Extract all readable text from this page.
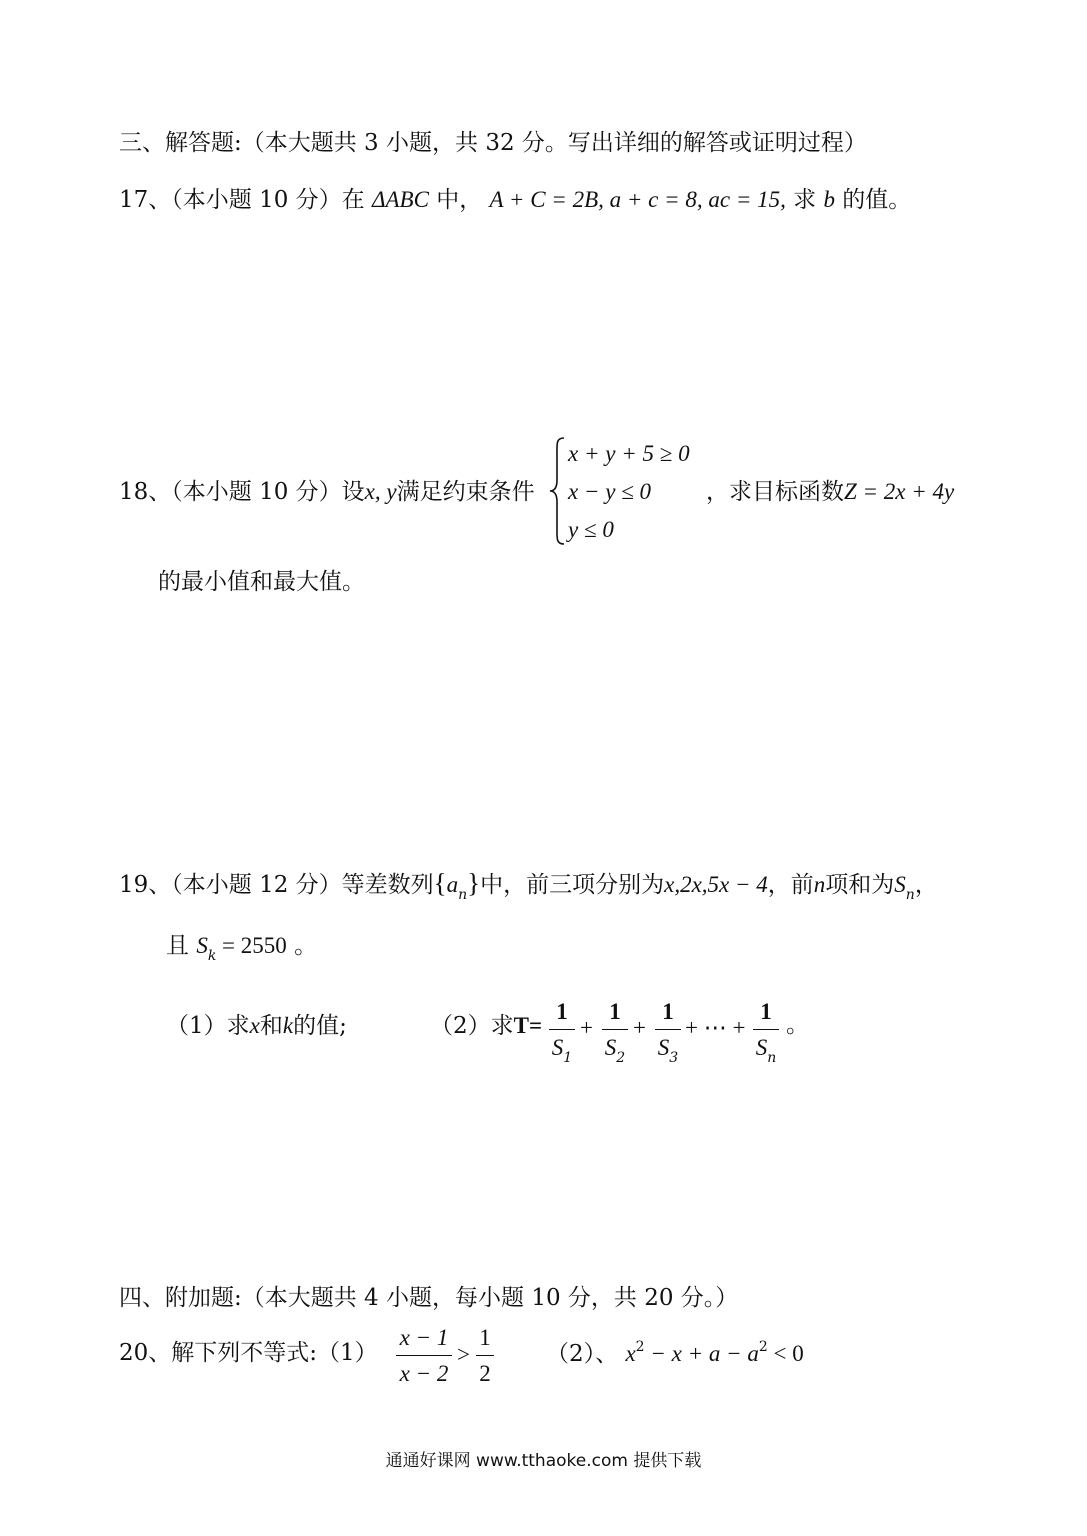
三、解答题:（本大题共 3 小题，共 32 分。写出详细的解答或证明过程）
17、（本小题 10 分）在 ΔABC 中， A + C = 2B, a + c = 8, ac = 15, 求 b 的值。
18、（本小题 10 分）设x, y满足约束条件
x + y + 5 ≥ 0
x − y ≤ 0
y ≤ 0
，求目标函数Z = 2x + 4y
的最小值和最大值。
19、（本小题 12 分）等差数列$\{a_n\}$中，前三项分别为x,2x,5x − 4，前n项和为$S_n$，
且 $S_k = 2550$ 。
（1）求x和k的值;	（2）求T=
1
$S_1$
+
1
$S_2$
+
1
$S_3$
+ ⋯ +
1
$S_n$
。
四、附加题:（本大题共 4 小题，每小题 10 分，共 20 分。）
20、解下列不等式:（1）
x − 1
x − 2
>
1
2
（2）、 $x^2 - x + a - a^2 < 0$
通通好课网 www.tthaoke.com 提供下载
